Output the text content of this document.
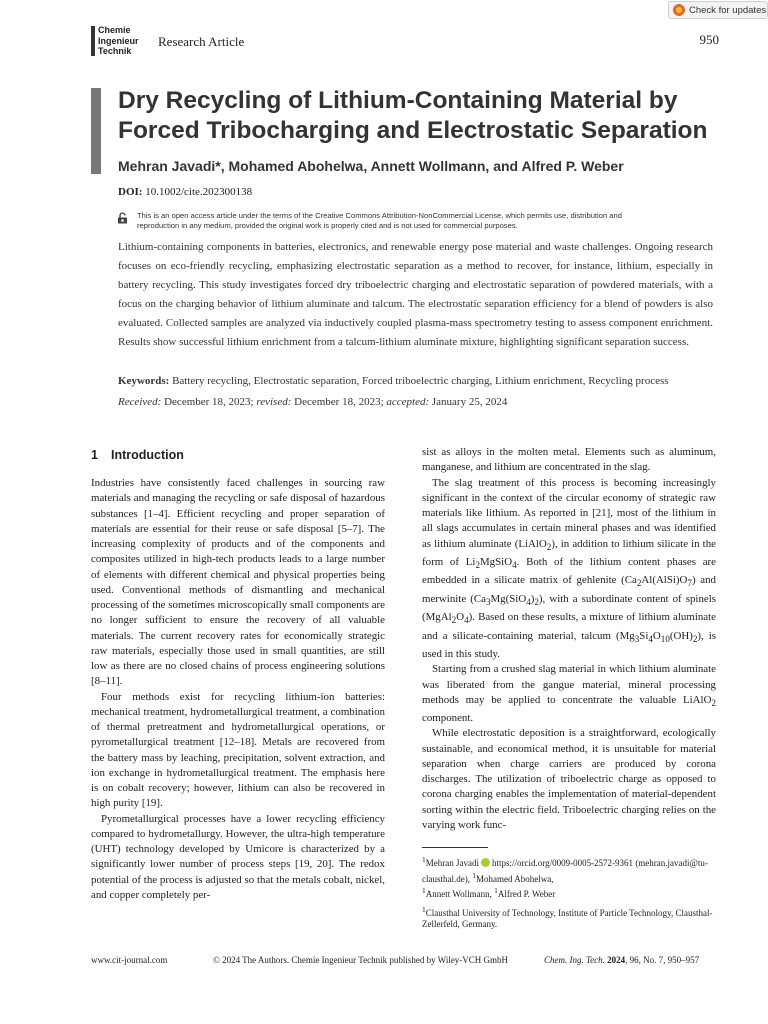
Check for updates
Chemie
Ingenieur
Technik
Research Article	950
Dry Recycling of Lithium-Containing Material by
Forced Tribocharging and Electrostatic Separation
Mehran Javadi*, Mohamed Abohelwa, Annett Wollmann, and Alfred P. Weber
DOI: 10.1002/cite.202300138
This is an open access article under the terms of the Creative Commons Attribution-NonCommercial License, which permits use, distribution and
reproduction in any medium, provided the original work is properly cited and is not used for commercial purposes.
Lithium-containing components in batteries, electronics, and renewable energy pose material and waste challenges. Ongoing research focuses on eco-friendly recycling, emphasizing electrostatic separation as a method to recover, for instance, lithium, especially in battery recycling. This study investigates forced dry triboelectric charging and electrostatic separation of powdered materials, with a focus on the charging behavior of lithium aluminate and talcum. The electrostatic separation efficiency for a blend of powders is also evaluated. Collected samples are analyzed via inductively coupled plasma-mass spectrometry testing to assess component enrichment. Results show successful lithium enrichment from a talcum-lithium aluminate mixture, highlighting significant separation success.
Keywords: Battery recycling, Electrostatic separation, Forced triboelectric charging, Lithium enrichment, Recycling process
Received: December 18, 2023; revised: December 18, 2023; accepted: January 25, 2024
1 Introduction

Industries have consistently faced challenges in sourcing raw materials and managing the recycling or safe disposal of hazardous substances [1–4]. Efficient recycling and proper separation of materials are essential for their reuse or safe disposal [5–7]. The increasing complexity of products and of the components and composites utilized in high-tech products leads to a large number of elements with different chemical and physical properties being used. Conventional methods of dismantling and mechanical processing of the sometimes microscopically small components are no longer sufficient to ensure the recovery of all valuable materials. The current recovery rates for economically strategic raw materials, especially those used in small quantities, are still low as there are no closed chains of process engineering solutions [8–11].

Four methods exist for recycling lithium-ion batteries: mechanical treatment, hydrometallurgical treatment, a combination of thermal pretreatment and hydrometallurgical operations, or pyrometallurgical treatment [12–18]. Metals are recovered from the battery mass by leaching, precipitation, solvent extraction, and ion exchange in hydrometallurgical treatment. The emphasis here is on cobalt recovery; however, lithium can also be recovered in high purity [19].

Pyrometallurgical processes have a lower recycling efficiency compared to hydrometallurgy. However, the ultra-high temperature (UHT) technology developed by Umicore is characterized by a significantly lower number of process steps [19, 20]. The redox potential of the process is adjusted so that the metals cobalt, nickel, and copper completely per-

sist as alloys in the molten metal. Elements such as aluminum, manganese, and lithium are concentrated in the slag.

The slag treatment of this process is becoming increasingly significant in the context of the circular economy of strategic raw materials like lithium. As reported in [21], most of the lithium in all slags accumulates in certain mineral phases and was identified as lithium aluminate (LiAlO$_2$), in addition to lithium silicate in the form of $Li_2MgSiO_4$. Both of the lithium content phases are embedded in a silicate matrix of gehlenite $(Ca_2Al(AlSi)O_7)$ and merwinite $(Ca_3Mg(SiO_4)_2)$, with a subordinate content of spinels $(MgAl_2O_4)$. Based on these results, a mixture of lithium aluminate and a silicate-containing material, talcum $(Mg_3Si_4O_{10}(OH)_2)$, is used in this study.

Starting from a crushed slag material in which lithium aluminate was liberated from the gangue material, mineral processing methods may be applied to concentrate the valuable LiAlO$_2$ component.

While electrostatic deposition is a straightforward, ecologically sustainable, and economical method, it is unsuitable for material separation when charge carriers are produced by corona discharges. The utilization of triboelectric charge as opposed to corona charging enables the implementation of material-dependent sorting within the electric field. Triboelectric charging relies on the varying work func-

$^1$Mehran Javadi https://orcid.org/0009-0005-2572-9361 (mehran.javadi@tu-clausthal.de), $^1$Mohamed Abohelwa,
$^1$Annett Wollmann, $^1$Alfred P. Weber

$^1$Clausthal University of Technology, Institute of Particle Technology, Clausthal-Zellerfeld, Germany.

www.cit-journal.com	© 2024 The Authors. Chemie Ingenieur Technik published by Wiley-VCH GmbH	Chem. Ing. Tech. 2024, 96, No. 7, 950–957
